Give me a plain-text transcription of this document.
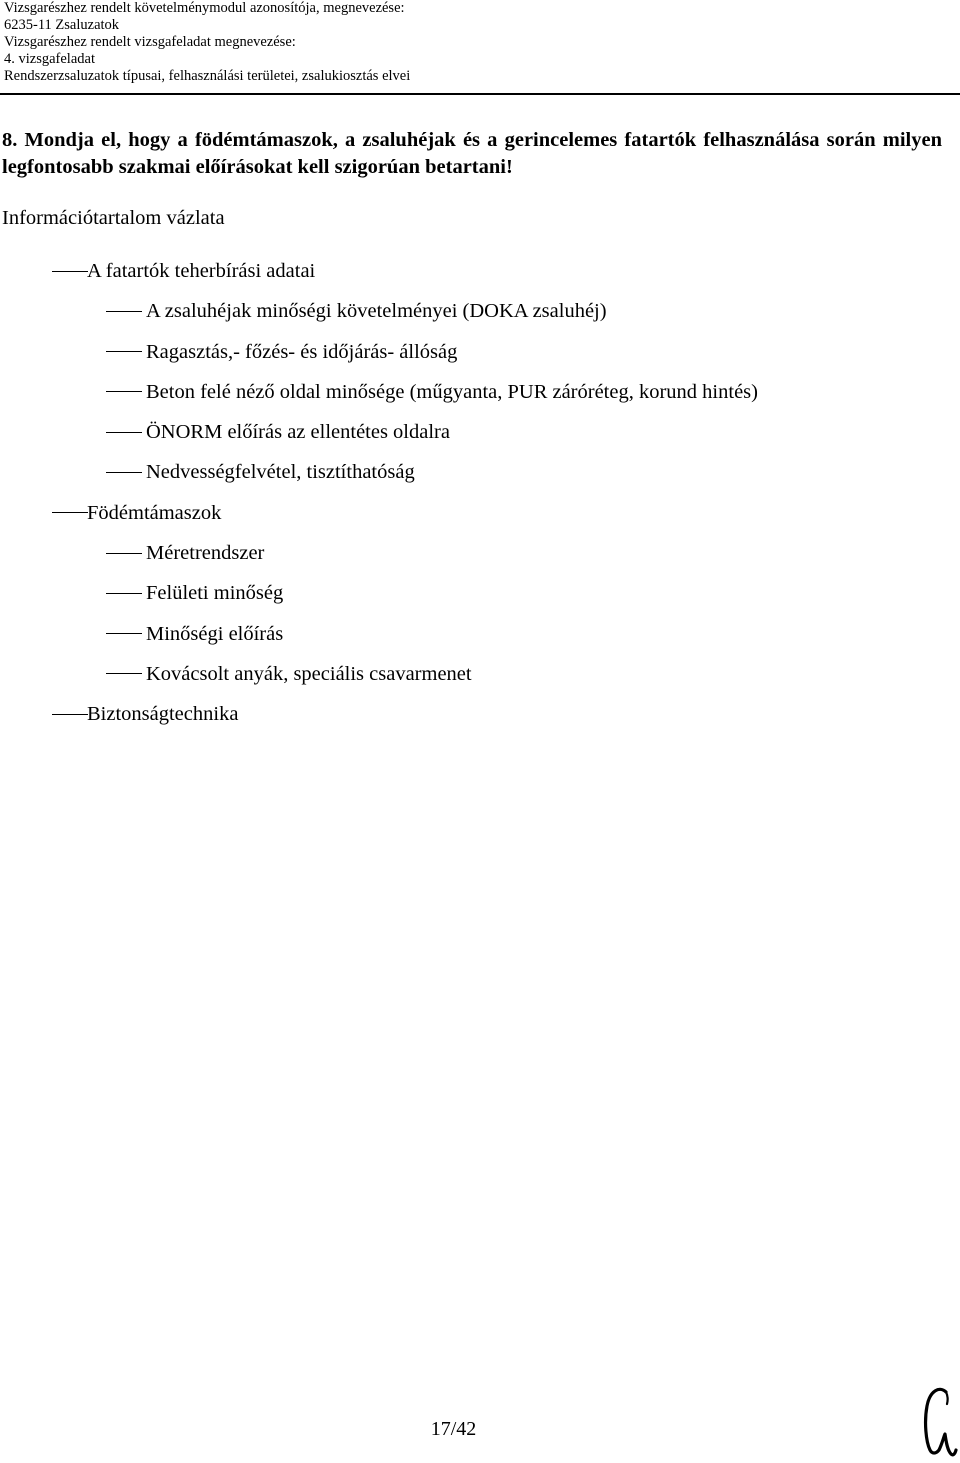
Vizsgarészhez rendelt követelménymodul azonosítója, megnevezése:
6235-11 Zsaluzatok
Vizsgarészhez rendelt vizsgafeladat megnevezése:
4. vizsgafeladat
Rendszerzsaluzatok típusai, felhasználási területei, zsalukiosztás elvei
8. Mondja el, hogy a födémtámaszok, a zsaluhéjak és a gerincelemes fatartók felhasználása során milyen legfontosabb szakmai előírásokat kell szigorúan betartani!
Információtartalom vázlata
A fatartók teherbírási adatai
A zsaluhéjak minőségi követelményei (DOKA zsaluhéj)
Ragasztás,- főzés- és időjárás- állóság
Beton felé néző oldal minősége (műgyanta, PUR záróréteg, korund hintés)
ÖNORM előírás az ellentétes oldalra
Nedvességfelvétel, tisztíthatóság
Födémtámaszok
Méretrendszer
Felületi minőség
Minőségi előírás
Kovácsolt anyák, speciális csavarmenet
Biztonságtechnika
17/42
